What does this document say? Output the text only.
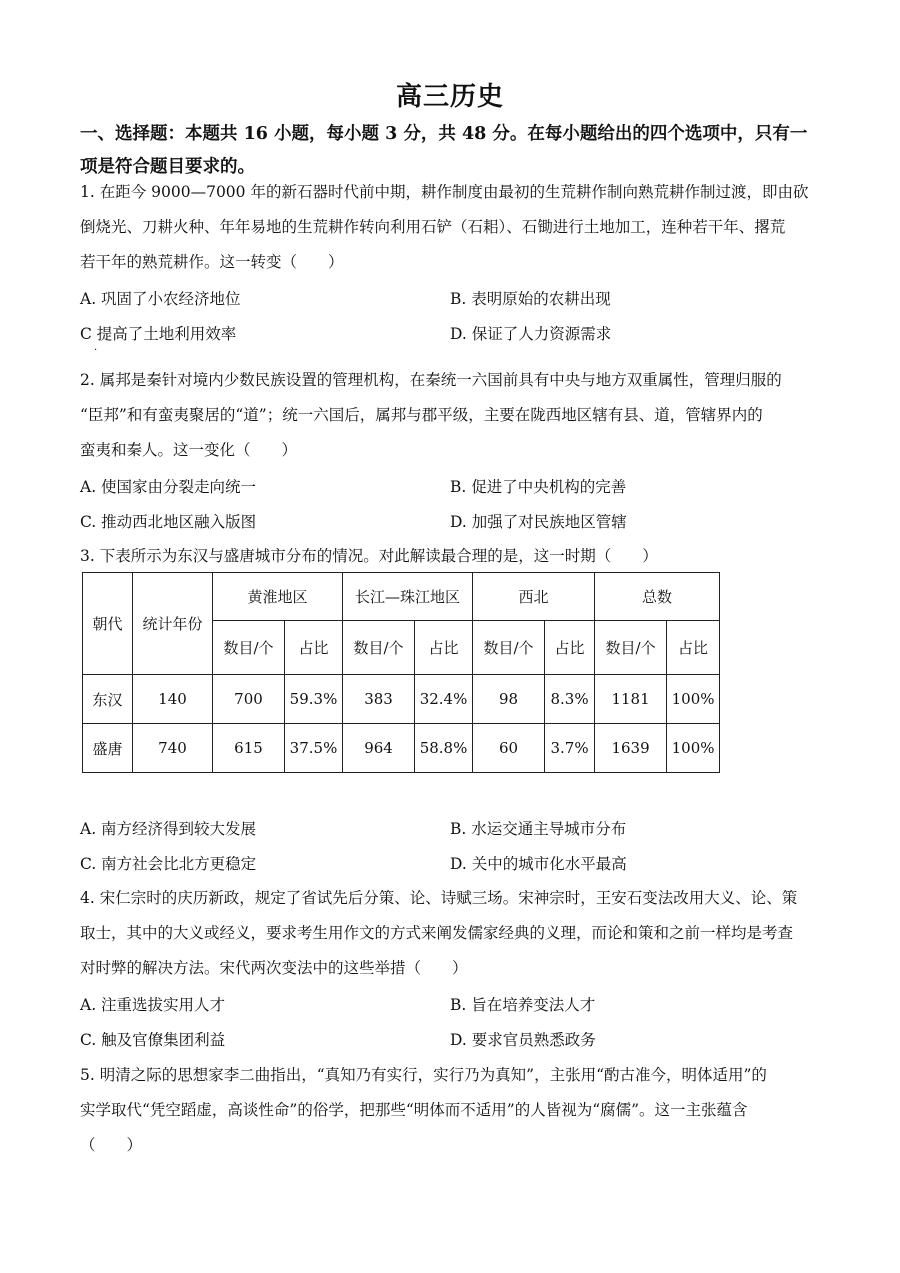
高三历史
一、选择题：本题共 16 小题，每小题 3 分，共 48 分。在每小题给出的四个选项中，只有一
项是符合题目要求的。
1. 在距今 9000—7000 年的新石器时代前中期，耕作制度由最初的生荒耕作制向熟荒耕作制过渡，即由砍
倒烧光、刀耕火种、年年易地的生荒耕作转向利用石铲（石耜）、石锄进行土地加工，连种若干年、撂荒
若干年的熟荒耕作。这一转变（　　）
A. 巩固了小农经济地位	B. 表明原始的农耕出现
C 提高了土地利用效率	D. 保证了人力资源需求
·
2. 属邦是秦针对境内少数民族设置的管理机构，在秦统一六国前具有中央与地方双重属性，管理归服的
“臣邦”和有蛮夷聚居的“道”；统一六国后，属邦与郡平级，主要在陇西地区辖有县、道，管辖界内的
蛮夷和秦人。这一变化（　　）
A. 使国家由分裂走向统一	B. 促进了中央机构的完善
C. 推动西北地区融入版图	D. 加强了对民族地区管辖
3. 下表所示为东汉与盛唐城市分布的情况。对此解读最合理的是，这一时期（　　）
朝代	统计年份	黄淮地区		长江—珠江地区		西北		总数	
		数目/个	占比	数目/个	占比	数目/个	占比	数目/个	占比
东汉	140	700	59.3%	383	32.4%	98	8.3%	1181	100%
盛唐	740	615	37.5%	964	58.8%	60	3.7%	1639	100%
A. 南方经济得到较大发展	B. 水运交通主导城市分布
C. 南方社会比北方更稳定	D. 关中的城市化水平最高
4. 宋仁宗时的庆历新政，规定了省试先后分策、论、诗赋三场。宋神宗时，王安石变法改用大义、论、策
取士，其中的大义或经义，要求考生用作文的方式来阐发儒家经典的义理，而论和策和之前一样均是考查
对时弊的解决方法。宋代两次变法中的这些举措（　　）
A. 注重选拔实用人才	B. 旨在培养变法人才
C. 触及官僚集团利益	D. 要求官员熟悉政务
5. 明清之际的思想家李二曲指出，“真知乃有实行，实行乃为真知”，主张用“酌古准今，明体适用”的
实学取代“凭空蹈虚，高谈性命”的俗学，把那些“明体而不适用”的人皆视为“腐儒”。这一主张蕴含
（　　）
